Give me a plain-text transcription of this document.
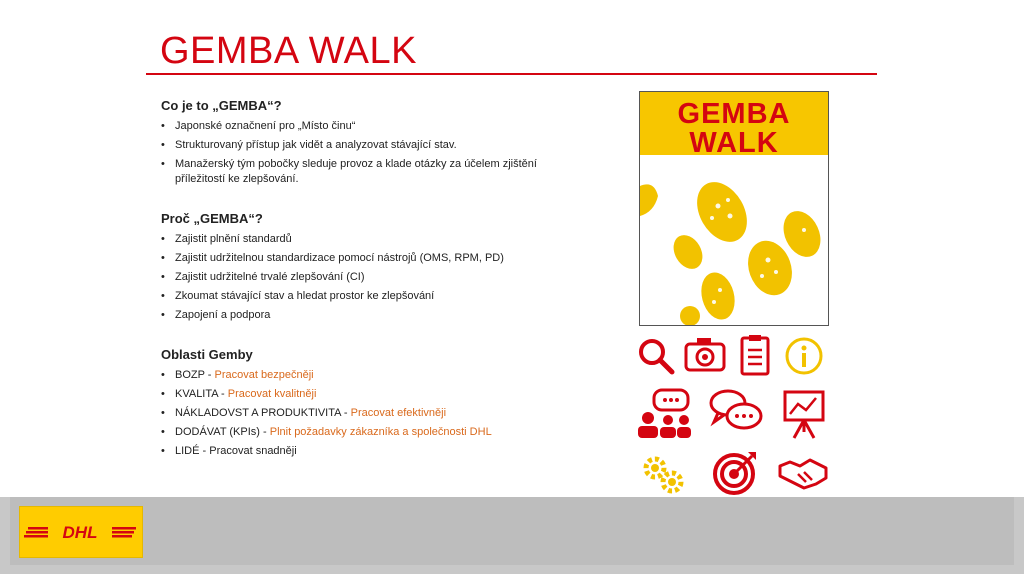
GEMBA WALK
Co je to „GEMBA“?
• Japonské označnení pro „Místo činu“
• Strukturovaný přístup jak vidět a analyzovat stávající stav.
• Manažerský tým pobočky sleduje provoz a klade otázky za účelem zjištění příležitostí ke zlepšování.
Proč „GEMBA“?
• Zajistit plnění standardů
• Zajistit udržitelnou standardizace pomocí nástrojů (OMS, RPM, PD)
• Zajistit udržitelné trvalé zlepšování (CI)
• Zkoumat stávající stav a hledat prostor ke zlepšování
• Zapojení a podpora
Oblasti Gemby
• BOZP - Pracovat bezpečněji
• KVALITA - Pracovat kvalitněji
• NÁKLADOVST A PRODUKTIVITA - Pracovat efektivněji
• DODÁVAT (KPIs) - Plnit požadavky zákazníka a společnosti DHL
• LIDÉ - Pracovat snadněji
GEMBA WALK
The real thing – the real people – the real place
DHL
